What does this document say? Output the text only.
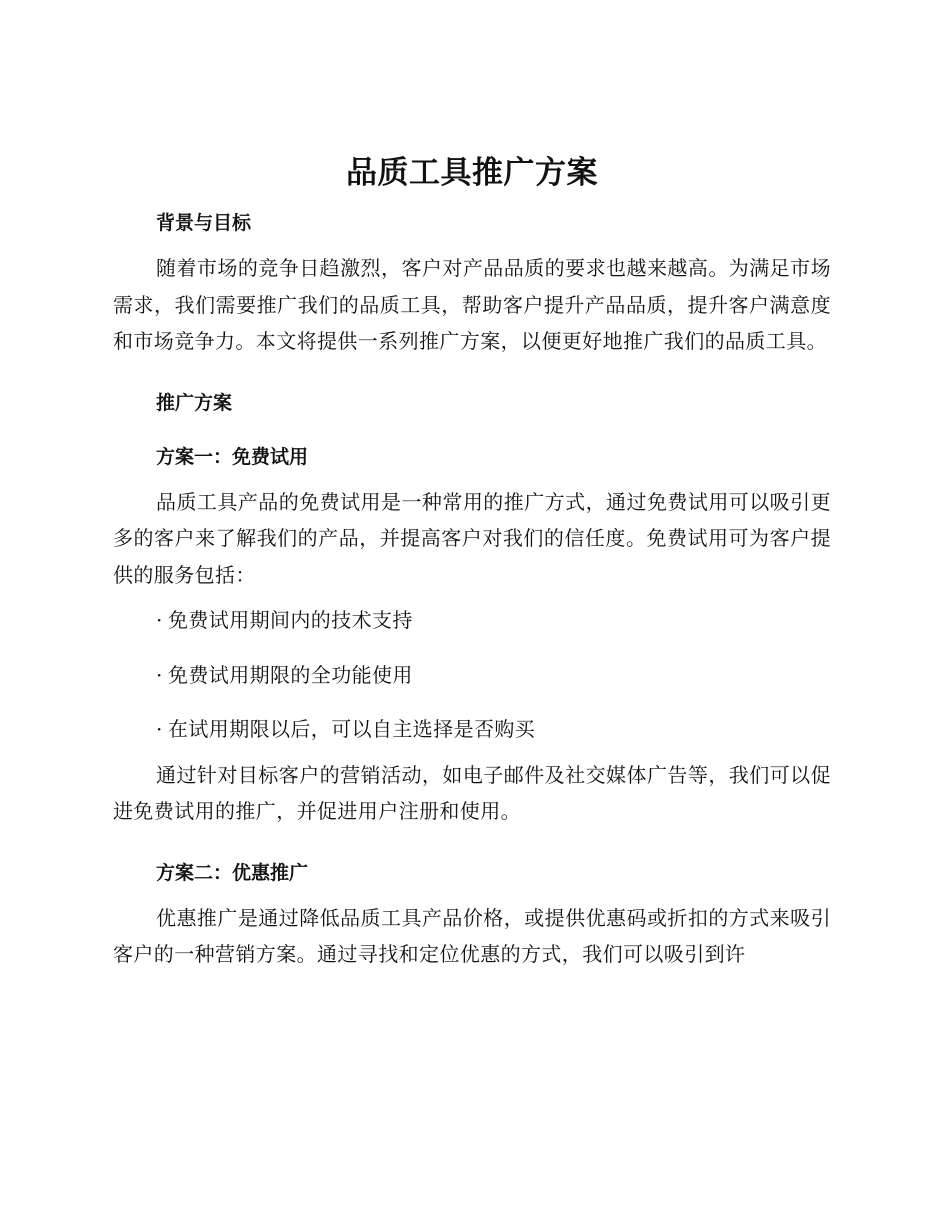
品质工具推广方案

背景与目标

随着市场的竞争日趋激烈，客户对产品品质的要求也越来越高。为满足市场需求，我们需要推广我们的品质工具，帮助客户提升产品品质，提升客户满意度和市场竞争力。本文将提供一系列推广方案，以便更好地推广我们的品质工具。

推广方案

方案一：免费试用

品质工具产品的免费试用是一种常用的推广方式，通过免费试用可以吸引更多的客户来了解我们的产品，并提高客户对我们的信任度。免费试用可为客户提供的服务包括：

· 免费试用期间内的技术支持

· 免费试用期限的全功能使用

· 在试用期限以后，可以自主选择是否购买

通过针对目标客户的营销活动，如电子邮件及社交媒体广告等，我们可以促进免费试用的推广，并促进用户注册和使用。

方案二：优惠推广

优惠推广是通过降低品质工具产品价格，或提供优惠码或折扣的方式来吸引客户的一种营销方案。通过寻找和定位优惠的方式，我们可以吸引到许
